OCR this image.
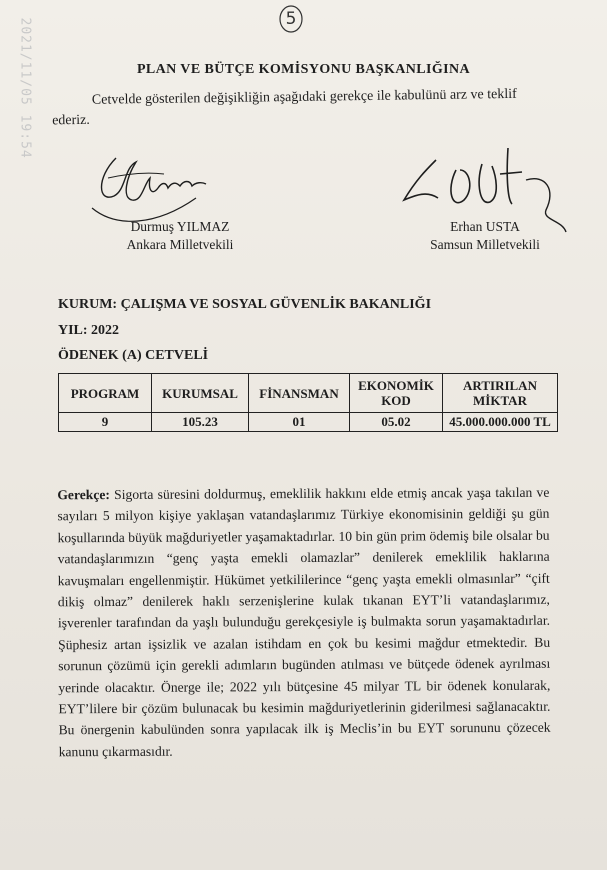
5
2021/11/05 19:54	PLAN VE BÜTÇE KOMİSYONU BAŞKANLIĞINA
Cetvelde gösterilen değişikliğin aşağıdaki gerekçe ile kabulünü arz ve teklif ederiz.
Durmuş YILMAZ
Ankara Milletvekili
Erhan USTA
Samsun Milletvekili
KURUM: ÇALIŞMA VE SOSYAL GÜVENLİK BAKANLIĞI
YIL: 2022
ÖDENEK (A) CETVELİ
PROGRAM	KURUMSAL	FİNANSMAN	EKONOMİK KOD	ARTIRILAN MİKTAR
9	105.23	01	05.02	45.000.000.000 TL
Gerekçe: Sigorta süresini doldurmuş, emeklilik hakkını elde etmiş ancak yaşa takılan ve sayıları 5 milyon kişiye yaklaşan vatandaşlarımız Türkiye ekonomisinin geldiği şu gün koşullarında büyük mağduriyetler yaşamaktadırlar. 10 bin gün prim ödemiş bile olsalar bu vatandaşlarımızın “genç yaşta emekli olamazlar” denilerek emeklilik haklarına kavuşmaları engellenmiştir. Hükümet yetkililerince “genç yaşta emekli olmasınlar” “çift dikiş olmaz” denilerek haklı serzenişlerine kulak tıkanan EYT’li vatandaşlarımız, işverenler tarafından da yaşlı bulunduğu gerekçesiyle iş bulmakta sorun yaşamaktadırlar. Şüphesiz artan işsizlik ve azalan istihdam en çok bu kesimi mağdur etmektedir. Bu sorunun çözümü için gerekli adımların bugünden atılması ve bütçede ödenek ayrılması yerinde olacaktır. Önerge ile; 2022 yılı bütçesine 45 milyar TL bir ödenek konularak, EYT’lilere bir çözüm bulunacak bu kesimin mağduriyetlerinin giderilmesi sağlanacaktır. Bu önergenin kabulünden sonra yapılacak ilk iş Meclis’in bu EYT sorununu çözecek kanunu çıkarmasıdır.
